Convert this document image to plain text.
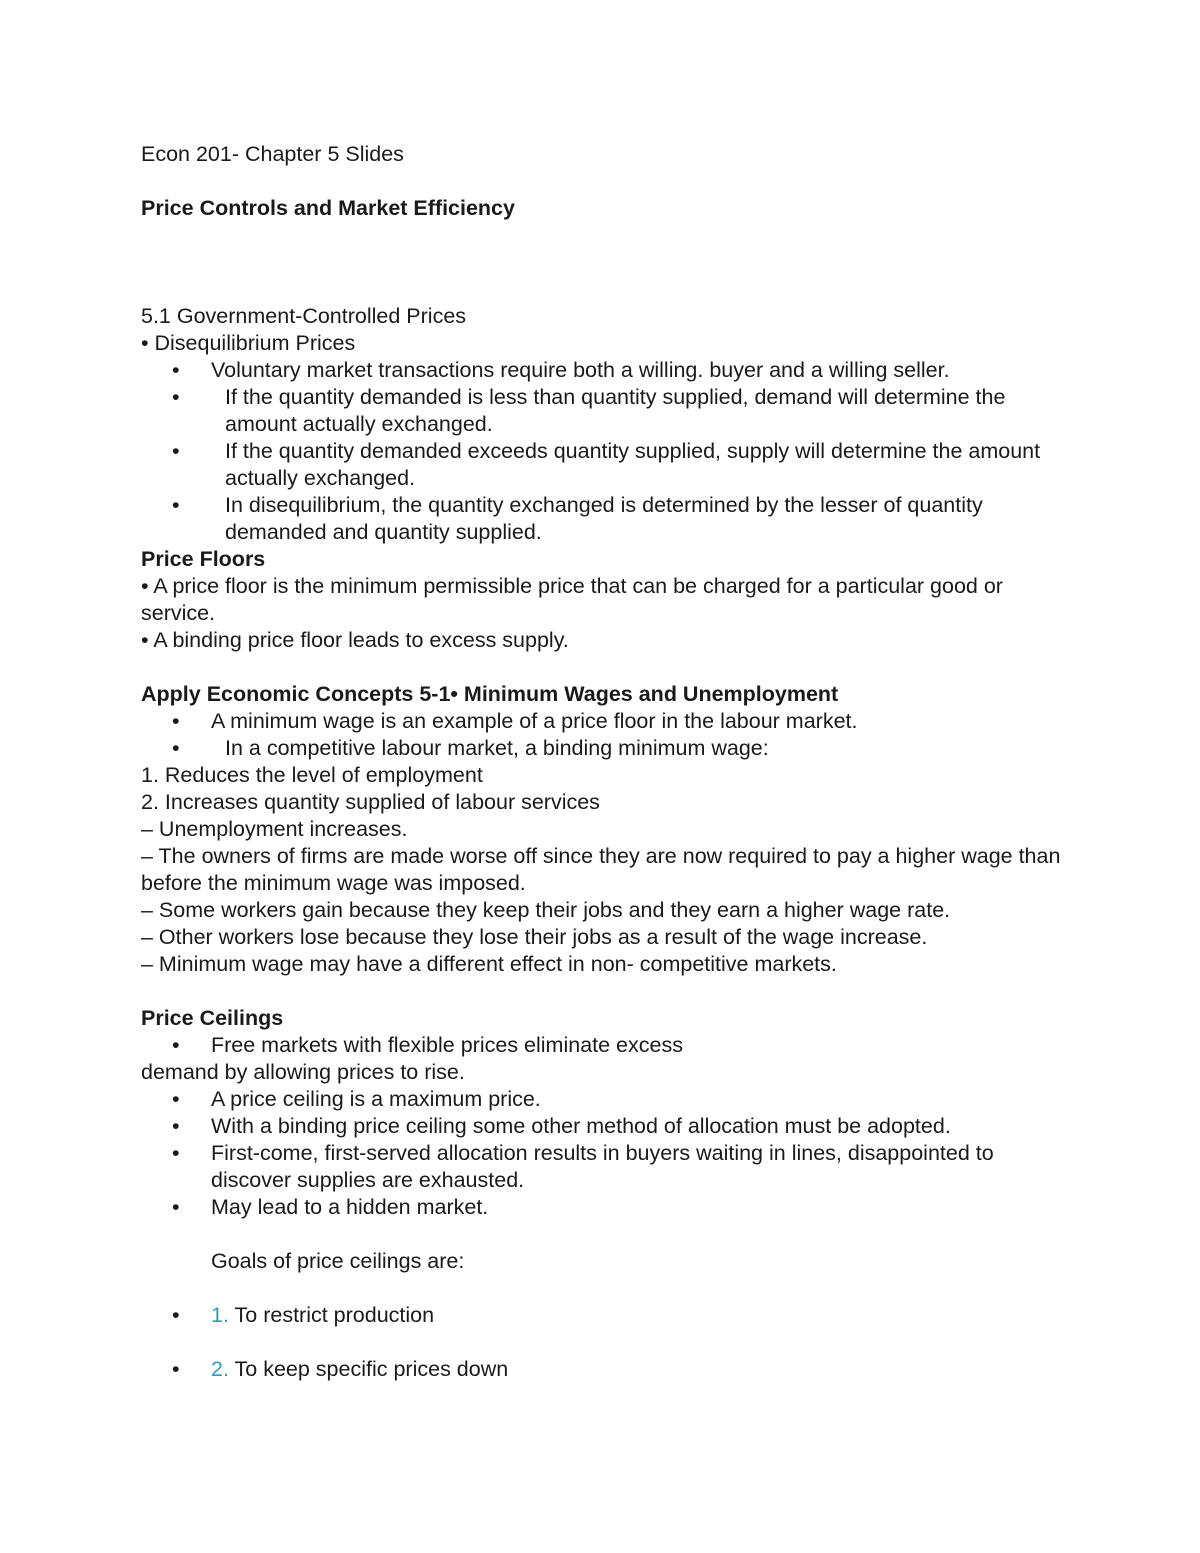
Econ 201- Chapter 5 Slides

Price Controls and Market Efficiency

5.1 Government-Controlled Prices

• Disequilibrium Prices

• Voluntary market transactions require both a willing. buyer and a willing seller.
•	If the quantity demanded is less than quantity supplied, demand will determine the amount actually exchanged.
•	If the quantity demanded exceeds quantity supplied, supply will determine the amount actually exchanged.
•	In disequilibrium, the quantity exchanged is determined by the lesser of quantity demanded and quantity supplied.

Price Floors

• A price floor is the minimum permissible price that can be charged for a particular good or service.

• A binding price floor leads to excess supply.

Apply Economic Concepts 5-1• Minimum Wages and Unemployment

• A minimum wage is an example of a price floor in the labour market.
•	In a competitive labour market, a binding minimum wage:

1. Reduces the level of employment

2. Increases quantity supplied of labour services

– Unemployment increases.

– The owners of firms are made worse off since they are now required to pay a higher wage than before the minimum wage was imposed.

– Some workers gain because they keep their jobs and they earn a higher wage rate.

– Other workers lose because they lose their jobs as a result of the wage increase.

– Minimum wage may have a different effect in non- competitive markets.

Price Ceilings

• Free markets with flexible prices eliminate excess

demand by allowing prices to rise.

• A price ceiling is a maximum price.
• With a binding price ceiling some other method of allocation must be adopted.
• First-come, first-served allocation results in buyers waiting in lines, disappointed to discover supplies are exhausted.
• May lead to a hidden market.

Goals of price ceilings are:

• 1. To restrict production
• 2. To keep specific prices down
